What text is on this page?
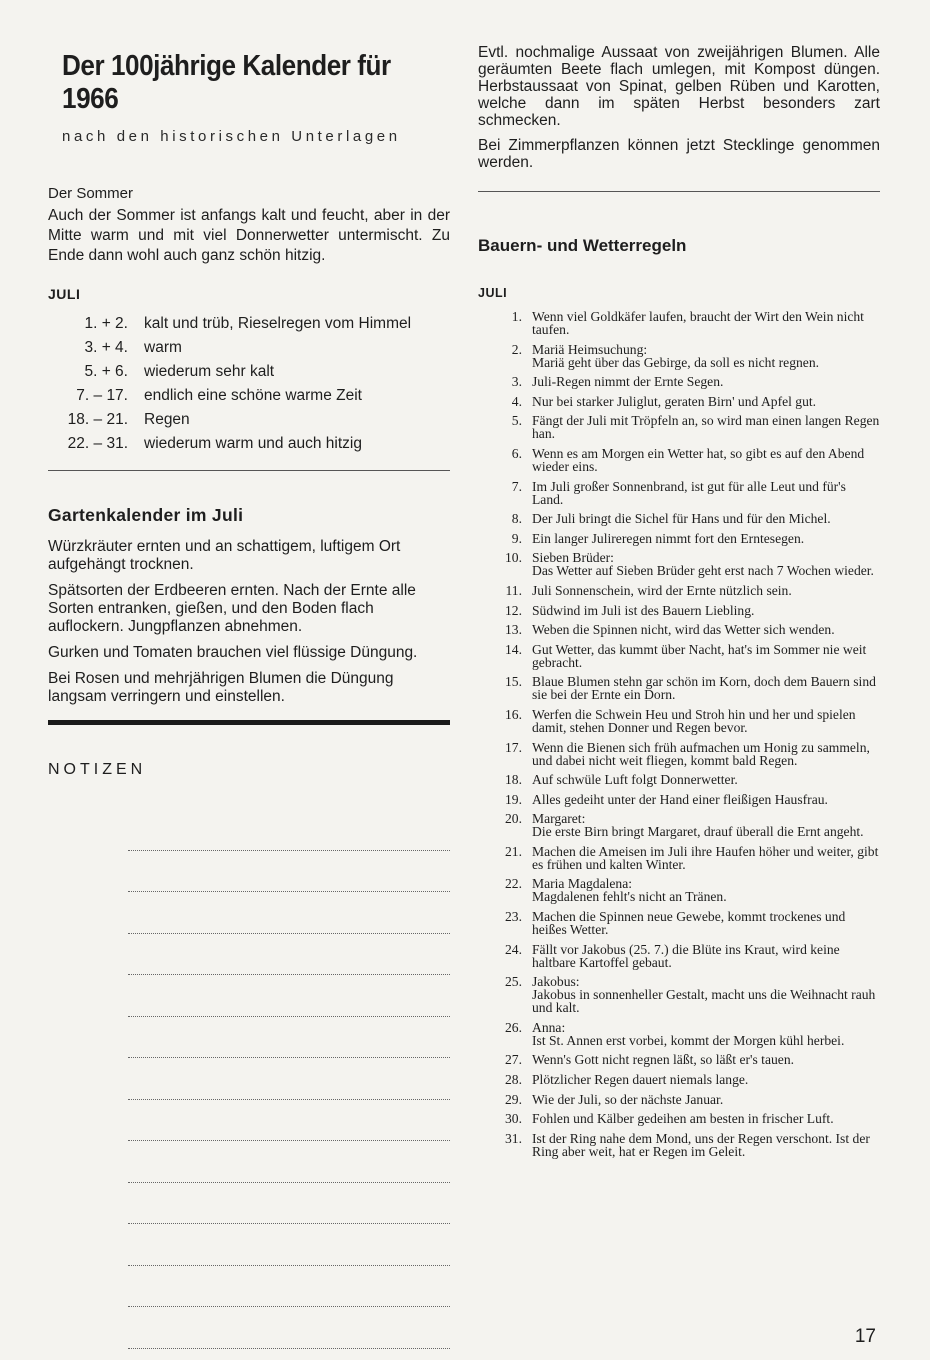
Der 100jährige Kalender für 1966
nach den historischen Unterlagen
Der Sommer

Auch der Sommer ist anfangs kalt und feucht, aber in der Mitte warm und mit viel Donnerwetter untermischt. Zu Ende dann wohl auch ganz schön hitzig.

JULI
1. + 2.	kalt und trüb, Rieselregen vom Himmel
3. + 4.	warm
5. + 6.	wiederum sehr kalt
7. – 17.	endlich eine schöne warme Zeit
18. – 21.	Regen
22. – 31.	wiederum warm und auch hitzig
Gartenkalender im Juli

Würzkräuter ernten und an schattigem, luftigem Ort aufgehängt trocknen.

Spätsorten der Erdbeeren ernten. Nach der Ernte alle Sorten entranken, gießen, und den Boden flach auflockern. Jungpflanzen abnehmen.

Gurken und Tomaten brauchen viel flüssige Düngung.

Bei Rosen und mehrjährigen Blumen die Düngung langsam verringern und einstellen.

NOTIZEN

Evtl. nochmalige Aussaat von zweijährigen Blumen. Alle geräumten Beete flach umlegen, mit Kompost düngen. Herbstaussaat von Spinat, gelben Rüben und Karotten, welche dann im späten Herbst besonders zart schmecken.

Bei Zimmerpflanzen können jetzt Stecklinge genommen werden.

Bauern- und Wetterregeln
JULI
1. Wenn viel Goldkäfer laufen, braucht der Wirt den Wein nicht taufen.
2. Mariä Heimsuchung:
Mariä geht über das Gebirge, da soll es nicht regnen.
3. Juli-Regen nimmt der Ernte Segen.
4. Nur bei starker Juliglut, geraten Birn' und Apfel gut.
5. Fängt der Juli mit Tröpfeln an, so wird man einen langen Regen han.
6. Wenn es am Morgen ein Wetter hat, so gibt es auf den Abend wieder eins.
7. Im Juli großer Sonnenbrand, ist gut für alle Leut und für's Land.
8. Der Juli bringt die Sichel für Hans und für den Michel.
9. Ein langer Julireregen nimmt fort den Erntesegen.
10. Sieben Brüder:
Das Wetter auf Sieben Brüder geht erst nach 7 Wochen wieder.
11. Juli Sonnenschein, wird der Ernte nützlich sein.
12. Südwind im Juli ist des Bauern Liebling.
13. Weben die Spinnen nicht, wird das Wetter sich wenden.
14. Gut Wetter, das kummt über Nacht, hat's im Sommer nie weit gebracht.
15. Blaue Blumen stehn gar schön im Korn, doch dem Bauern sind sie bei der Ernte ein Dorn.
16. Werfen die Schwein Heu und Stroh hin und her und spielen damit, stehen Donner und Regen bevor.
17. Wenn die Bienen sich früh aufmachen um Honig zu sammeln, und dabei nicht weit fliegen, kommt bald Regen.
18. Auf schwüle Luft folgt Donnerwetter.
19. Alles gedeiht unter der Hand einer fleißigen Hausfrau.
20. Margaret:
Die erste Birn bringt Margaret, drauf überall die Ernt angeht.
21. Machen die Ameisen im Juli ihre Haufen höher und weiter, gibt es frühen und kalten Winter.
22. Maria Magdalena:
Magdalenen fehlt's nicht an Tränen.
23. Machen die Spinnen neue Gewebe, kommt trockenes und heißes Wetter.
24. Fällt vor Jakobus (25. 7.) die Blüte ins Kraut, wird keine haltbare Kartoffel gebaut.
25. Jakobus:
Jakobus in sonnenheller Gestalt, macht uns die Weihnacht rauh und kalt.
26. Anna:
Ist St. Annen erst vorbei, kommt der Morgen kühl herbei.
27. Wenn's Gott nicht regnen läßt, so läßt er's tauen.
28. Plötzlicher Regen dauert niemals lange.
29. Wie der Juli, so der nächste Januar.
30. Fohlen und Kälber gedeihen am besten in frischer Luft.
31. Ist der Ring nahe dem Mond, uns der Regen verschont. Ist der Ring aber weit, hat er Regen im Geleit.
17
